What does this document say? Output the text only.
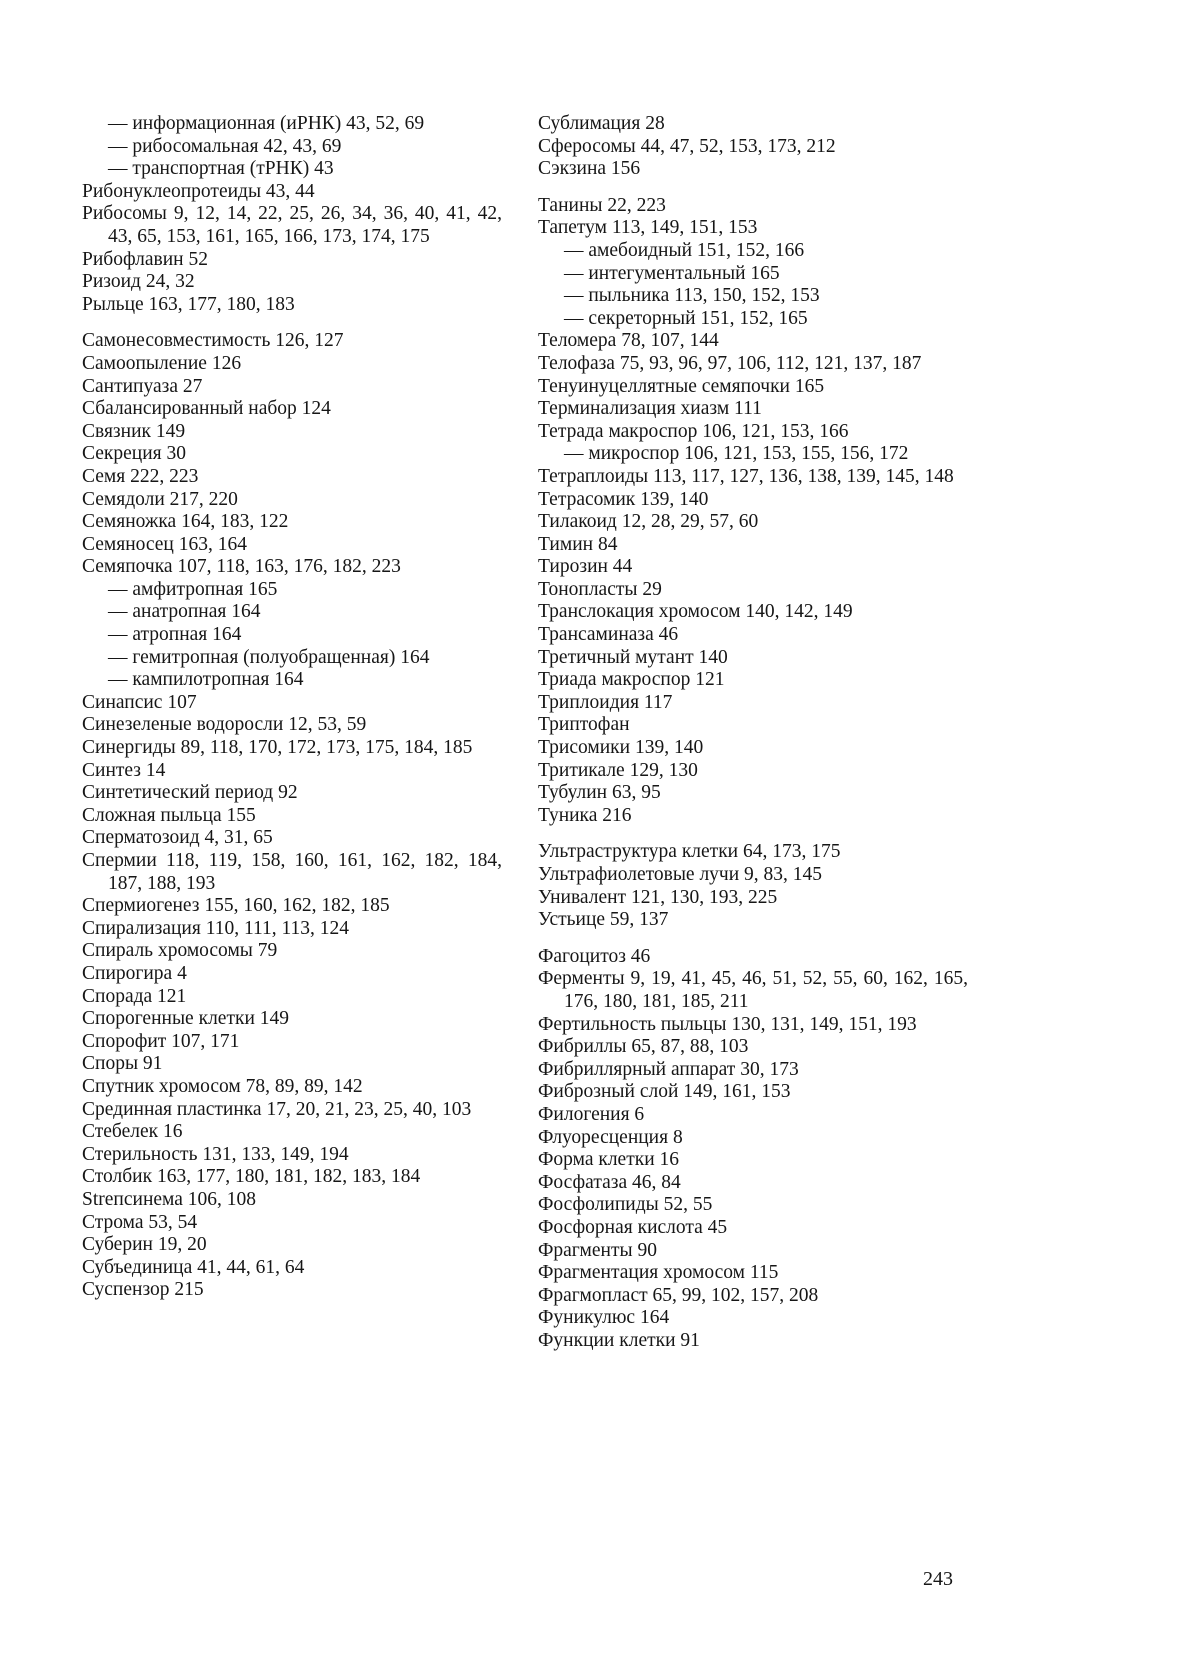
— информационная (иРНК) 43, 52, 69
— рибосомальная 42, 43, 69
— транспортная (тРНК) 43
Рибонуклеопротеиды 43, 44
Рибосомы 9, 12, 14, 22, 25, 26, 34, 36, 40, 41, 42, 43, 65, 153, 161, 165, 166, 173, 174, 175
Рибофлавин 52
Ризоид 24, 32
Рыльце 163, 177, 180, 183
Самонесовместимость 126, 127
Самоопыление 126
Сантипуаза 27
Сбалансированный набор 124
Связник 149
Секреция 30
Семя 222, 223
Семядоли 217, 220
Семяножка 164, 183, 122
Семяносец 163, 164
Семяпочка 107, 118, 163, 176, 182, 223
— амфитропная 165
— анатропная 164
— атропная 164
— гемитропная (полуобращенная) 164
— кампилотропная 164
Синапсис 107
Синезеленые водоросли 12, 53, 59
Синергиды 89, 118, 170, 172, 173, 175, 184, 185
Синтез 14
Синтетический период 92
Сложная пыльца 155
Сперматозоид 4, 31, 65
Спермии 118, 119, 158, 160, 161, 162, 182, 184, 187, 188, 193
Спермиогенез 155, 160, 162, 182, 185
Спирализация 110, 111, 113, 124
Спираль хромосомы 79
Спирогира 4
Спорада 121
Спорогенные клетки 149
Спорофит 107, 171
Споры 91
Спутник хромосом 78, 89, 89, 142
Срединная пластинка 17, 20, 21, 23, 25, 40, 103
Стебелек 16
Стерильность 131, 133, 149, 194
Столбик 163, 177, 180, 181, 182, 183, 184
Strепсинема 106, 108
Строма 53, 54
Суберин 19, 20
Субъединица 41, 44, 61, 64
Суспензор 215
Сублимация 28
Сферосомы 44, 47, 52, 153, 173, 212
Сэкзина 156
Танины 22, 223
Тапетум 113, 149, 151, 153
— амебоидный 151, 152, 166
— интегументальный 165
— пыльника 113, 150, 152, 153
— секреторный 151, 152, 165
Теломера 78, 107, 144
Телофаза 75, 93, 96, 97, 106, 112, 121, 137, 187
Тенуинуцеллятные семяпочки 165
Терминализация хиазм 111
Тетрада макроспор 106, 121, 153, 166
— микроспор 106, 121, 153, 155, 156, 172
Тетраплоиды 113, 117, 127, 136, 138, 139, 145, 148
Тетрасомик 139, 140
Тилакоид 12, 28, 29, 57, 60
Тимин 84
Тирозин 44
Тонопласты 29
Транслокация хромосом 140, 142, 149
Трансаминаза 46
Третичный мутант 140
Триада макроспор 121
Триплоидия 117
Триптофан
Трисомики 139, 140
Тритикале 129, 130
Тубулин 63, 95
Туника 216
Ультраструктура клетки 64, 173, 175
Ультрафиолетовые лучи 9, 83, 145
Унивалент 121, 130, 193, 225
Устьице 59, 137
Фагоцитоз 46
Ферменты 9, 19, 41, 45, 46, 51, 52, 55, 60, 162, 165, 176, 180, 181, 185, 211
Фертильность пыльцы 130, 131, 149, 151, 193
Фибриллы 65, 87, 88, 103
Фибриллярный аппарат 30, 173
Фиброзный слой 149, 161, 153
Филогения 6
Флуоресценция 8
Форма клетки 16
Фосфатаза 46, 84
Фосфолипиды 52, 55
Фосфорная кислота 45
Фрагменты 90
Фрагментация хромосом 115
Фрагмопласт 65, 99, 102, 157, 208
Фуникулюс 164
Функции клетки 91
243
